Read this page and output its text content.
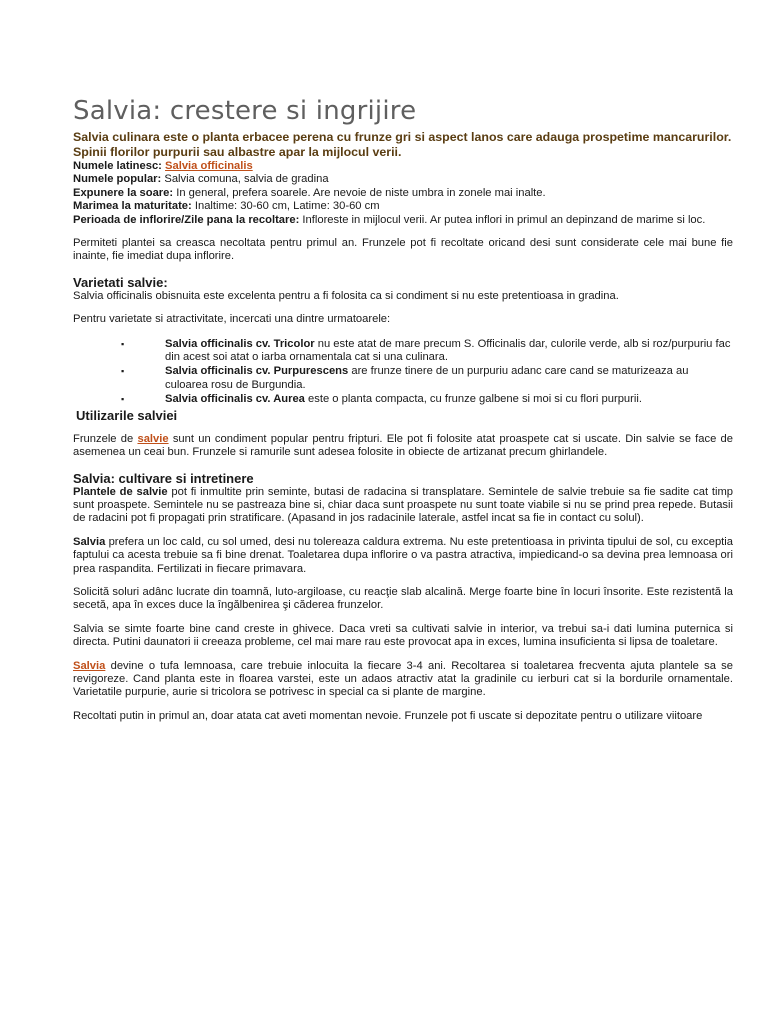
Salvia: crestere si ingrijire

Salvia culinara este o planta erbacee perena cu frunze gri si aspect lanos care adauga prospetime mancarurilor. Spinii florilor purpurii sau albastre apar la mijlocul verii.

Numele latinesc: Salvia officinalis

Numele popular: Salvia comuna, salvia de gradina

Expunere la soare: In general, prefera soarele. Are nevoie de niste umbra in zonele mai inalte.

Marimea la maturitate: Inaltime: 30-60 cm, Latime: 30-60 cm

Perioada de inflorire/Zile pana la recoltare: Infloreste in mijlocul verii. Ar putea inflori in primul an depinzand de marime si loc.

Permiteti plantei sa creasca necoltata pentru primul an. Frunzele pot fi recoltate oricand desi sunt considerate cele mai bune fie inainte, fie imediat dupa inflorire.

Varietati salvie:

Salvia officinalis obisnuita este excelenta pentru a fi folosita ca si condiment si nu este pretentioasa in gradina.

Pentru varietate si atractivitate, incercati una dintre urmatoarele:

▪	Salvia officinalis cv. Tricolor nu este atat de mare precum S. Officinalis dar, culorile verde, alb si roz/purpuriu fac din acest soi atat o iarba ornamentala cat si una culinara.
▪	Salvia officinalis cv. Purpurescens are frunze tinere de un purpuriu adanc care cand se maturizeaza au culoarea rosu de Burgundia.
▪	Salvia officinalis cv. Aurea este o planta compacta, cu frunze galbene si moi si cu flori purpurii.
Utilizarile salviei

Frunzele de salvie sunt un condiment popular pentru fripturi. Ele pot fi folosite atat proaspete cat si uscate. Din salvie se face de asemenea un ceai bun. Frunzele si ramurile sunt adesea folosite in obiecte de artizanat precum ghirlandele.

Salvia: cultivare si intretinere

Plantele de salvie pot fi inmultite prin seminte, butasi de radacina si transplatare. Semintele de salvie trebuie sa fie sadite cat timp sunt proaspete. Semintele nu se pastreaza bine si, chiar daca sunt proaspete nu sunt toate viabile si nu se prind prea repede. Butasii de radacini pot fi propagati prin stratificare. (Apasand in jos radacinile laterale, astfel incat sa fie in contact cu solul).

Salvia prefera un loc cald, cu sol umed, desi nu tolereaza caldura extrema. Nu este pretentioasa in privinta tipului de sol, cu exceptia faptului ca acesta trebuie sa fi bine drenat. Toaletarea dupa inflorire o va pastra atractiva, impiedicand-o sa devina prea lemnoasa ori prea raspandita. Fertilizati in fiecare primavara.

Solicită soluri adânc lucrate din toamnă, luto-argiloase, cu reacţie slab alcalină. Merge foarte bine în locuri însorite. Este rezistentă la secetă, apa în exces duce la îngălbenirea şi căderea frunzelor.

Salvia se simte foarte bine cand creste in ghivece. Daca vreti sa cultivati salvie in interior, va trebui sa-i dati lumina puternica si directa. Putini daunatori ii creeaza probleme, cel mai mare rau este provocat apa in exces, lumina insuficienta si lipsa de toaletare.

Salvia devine o tufa lemnoasa, care trebuie inlocuita la fiecare 3-4 ani. Recoltarea si toaletarea frecventa ajuta plantele sa se revigoreze. Cand planta este in floarea varstei, este un adaos atractiv atat la gradinile cu ierburi cat si la bordurile ornamentale. Varietatile purpurie, aurie si tricolora se potrivesc in special ca si plante de margine.

Recoltati putin in primul an, doar atata cat aveti momentan nevoie. Frunzele pot fi uscate si depozitate pentru o utilizare viitoare
